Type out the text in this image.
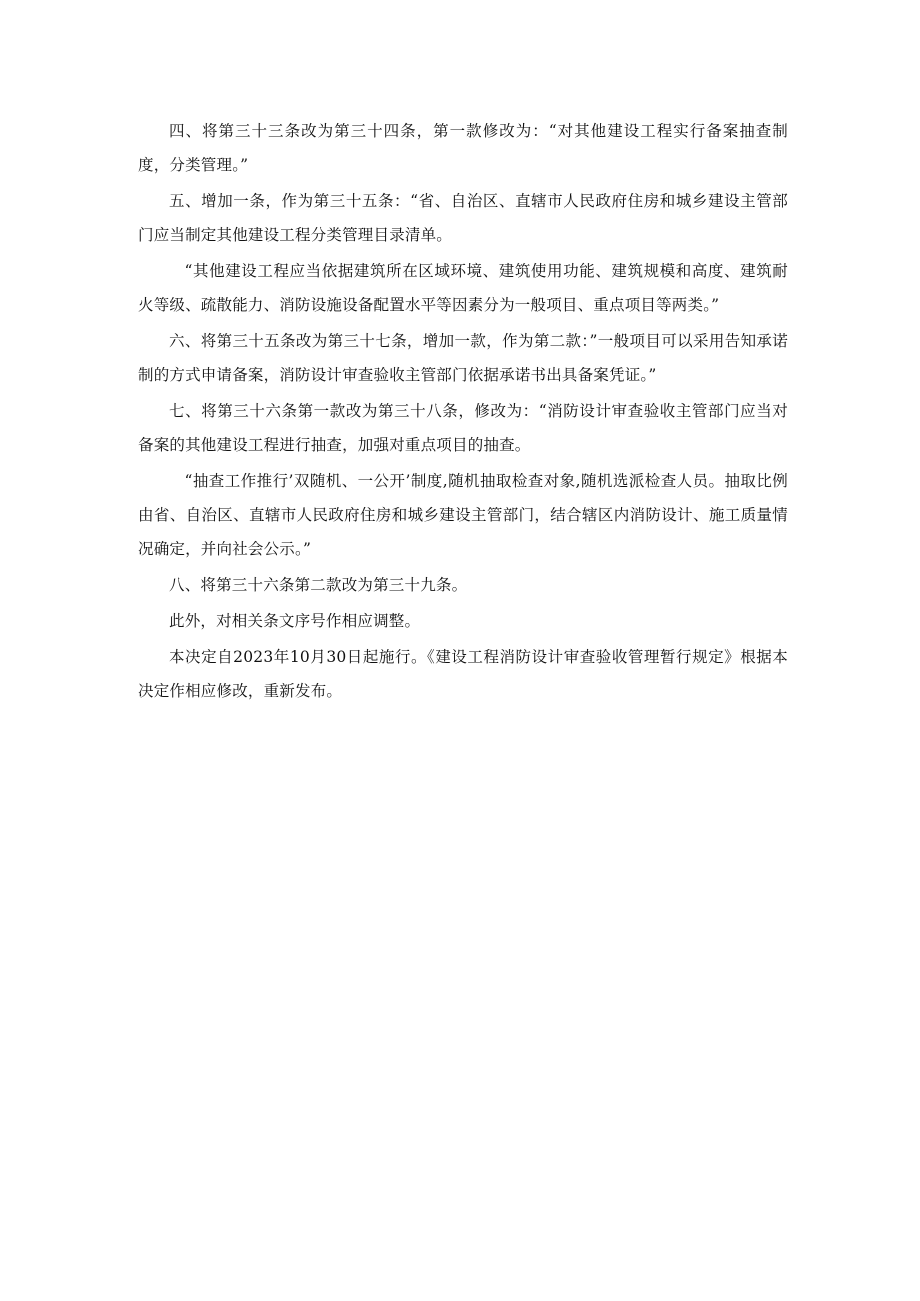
四、将第三十三条改为第三十四条，第一款修改为：“对其他建设工程实行备案抽查制度，分类管理。”

五、增加一条，作为第三十五条：“省、自治区、直辖市人民政府住房和城乡建设主管部门应当制定其他建设工程分类管理目录清单。

“其他建设工程应当依据建筑所在区域环境、建筑使用功能、建筑规模和高度、建筑耐火等级、疏散能力、消防设施设备配置水平等因素分为一般项目、重点项目等两类。”

六、将第三十五条改为第三十七条，增加一款，作为第二款：”一般项目可以采用告知承诺制的方式申请备案，消防设计审查验收主管部门依据承诺书出具备案凭证。”

七、将第三十六条第一款改为第三十八条，修改为：“消防设计审查验收主管部门应当对备案的其他建设工程进行抽查，加强对重点项目的抽查。

“抽查工作推行’双随机、一公开’制度,随机抽取检查对象,随机选派检查人员。抽取比例由省、自治区、直辖市人民政府住房和城乡建设主管部门，结合辖区内消防设计、施工质量情况确定，并向社会公示。”

八、将第三十六条第二款改为第三十九条。

此外，对相关条文序号作相应调整。

本决定自2023年10月30日起施行。《建设工程消防设计审查验收管理暂行规定》根据本决定作相应修改，重新发布。
